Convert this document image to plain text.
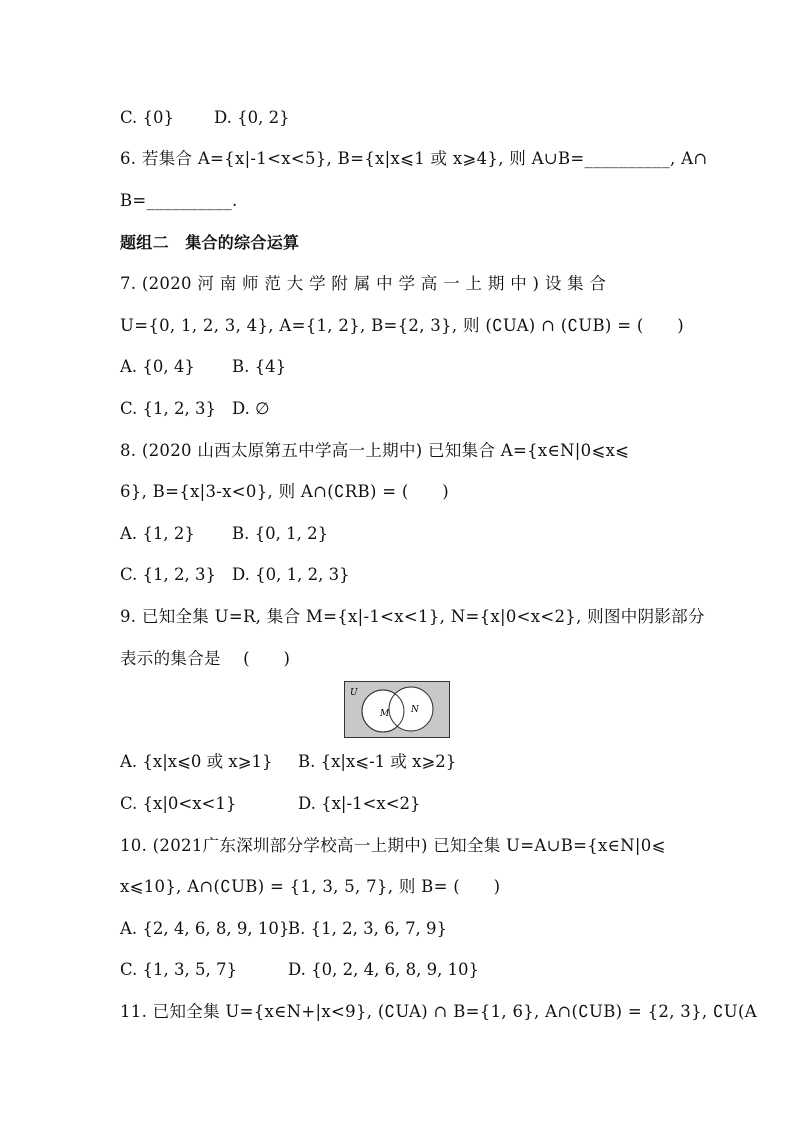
C. {0} D. {0, 2}
6. 若集合 A={x|-1<x<5}, B={x|x⩽1 或 x⩾4}, 则 A∪B=__________, A∩
B=__________.
题组二　集合的综合运算
7. (2020 河 南 师 范 大 学 附 属 中 学 高 一 上 期 中 ) 设 集 合
U={0, 1, 2, 3, 4}, A={1, 2}, B={2, 3}, 则 (∁UA) ∩ (∁UB) = (　　)
A. {0, 4} B. {4}
C. {1, 2, 3} D. ∅
8. (2020 山西太原第五中学高一上期中) 已知集合 A={x∈N|0⩽x⩽
6}, B={x|3-x<0}, 则 A∩(∁RB) = (　　)
A. {1, 2} B. {0, 1, 2}
C. {1, 2, 3} D. {0, 1, 2, 3}
9. 已知全集 U=R, 集合 M={x|-1<x<1}, N={x|0<x<2}, 则图中阴影部分
表示的集合是　 (　　)
U
M N
A. {x|x⩽0 或 x⩾1} B. {x|x⩽-1 或 x⩾2}
C. {x|0<x<1}	D. {x|-1<x<2}
10. (2021广东深圳部分学校高一上期中) 已知全集 U=A∪B={x∈N|0⩽
x⩽10}, A∩(∁UB) = {1, 3, 5, 7}, 则 B= (　　)
A. {2, 4, 6, 8, 9, 10}
B. {1, 2, 3, 6, 7, 9}
C. {1, 3, 5, 7}	D. {0, 2, 4, 6, 8, 9, 10}
11. 已知全集 U={x∈N+|x<9}, (∁UA) ∩ B={1, 6}, A∩(∁UB) = {2, 3}, ∁U(A
